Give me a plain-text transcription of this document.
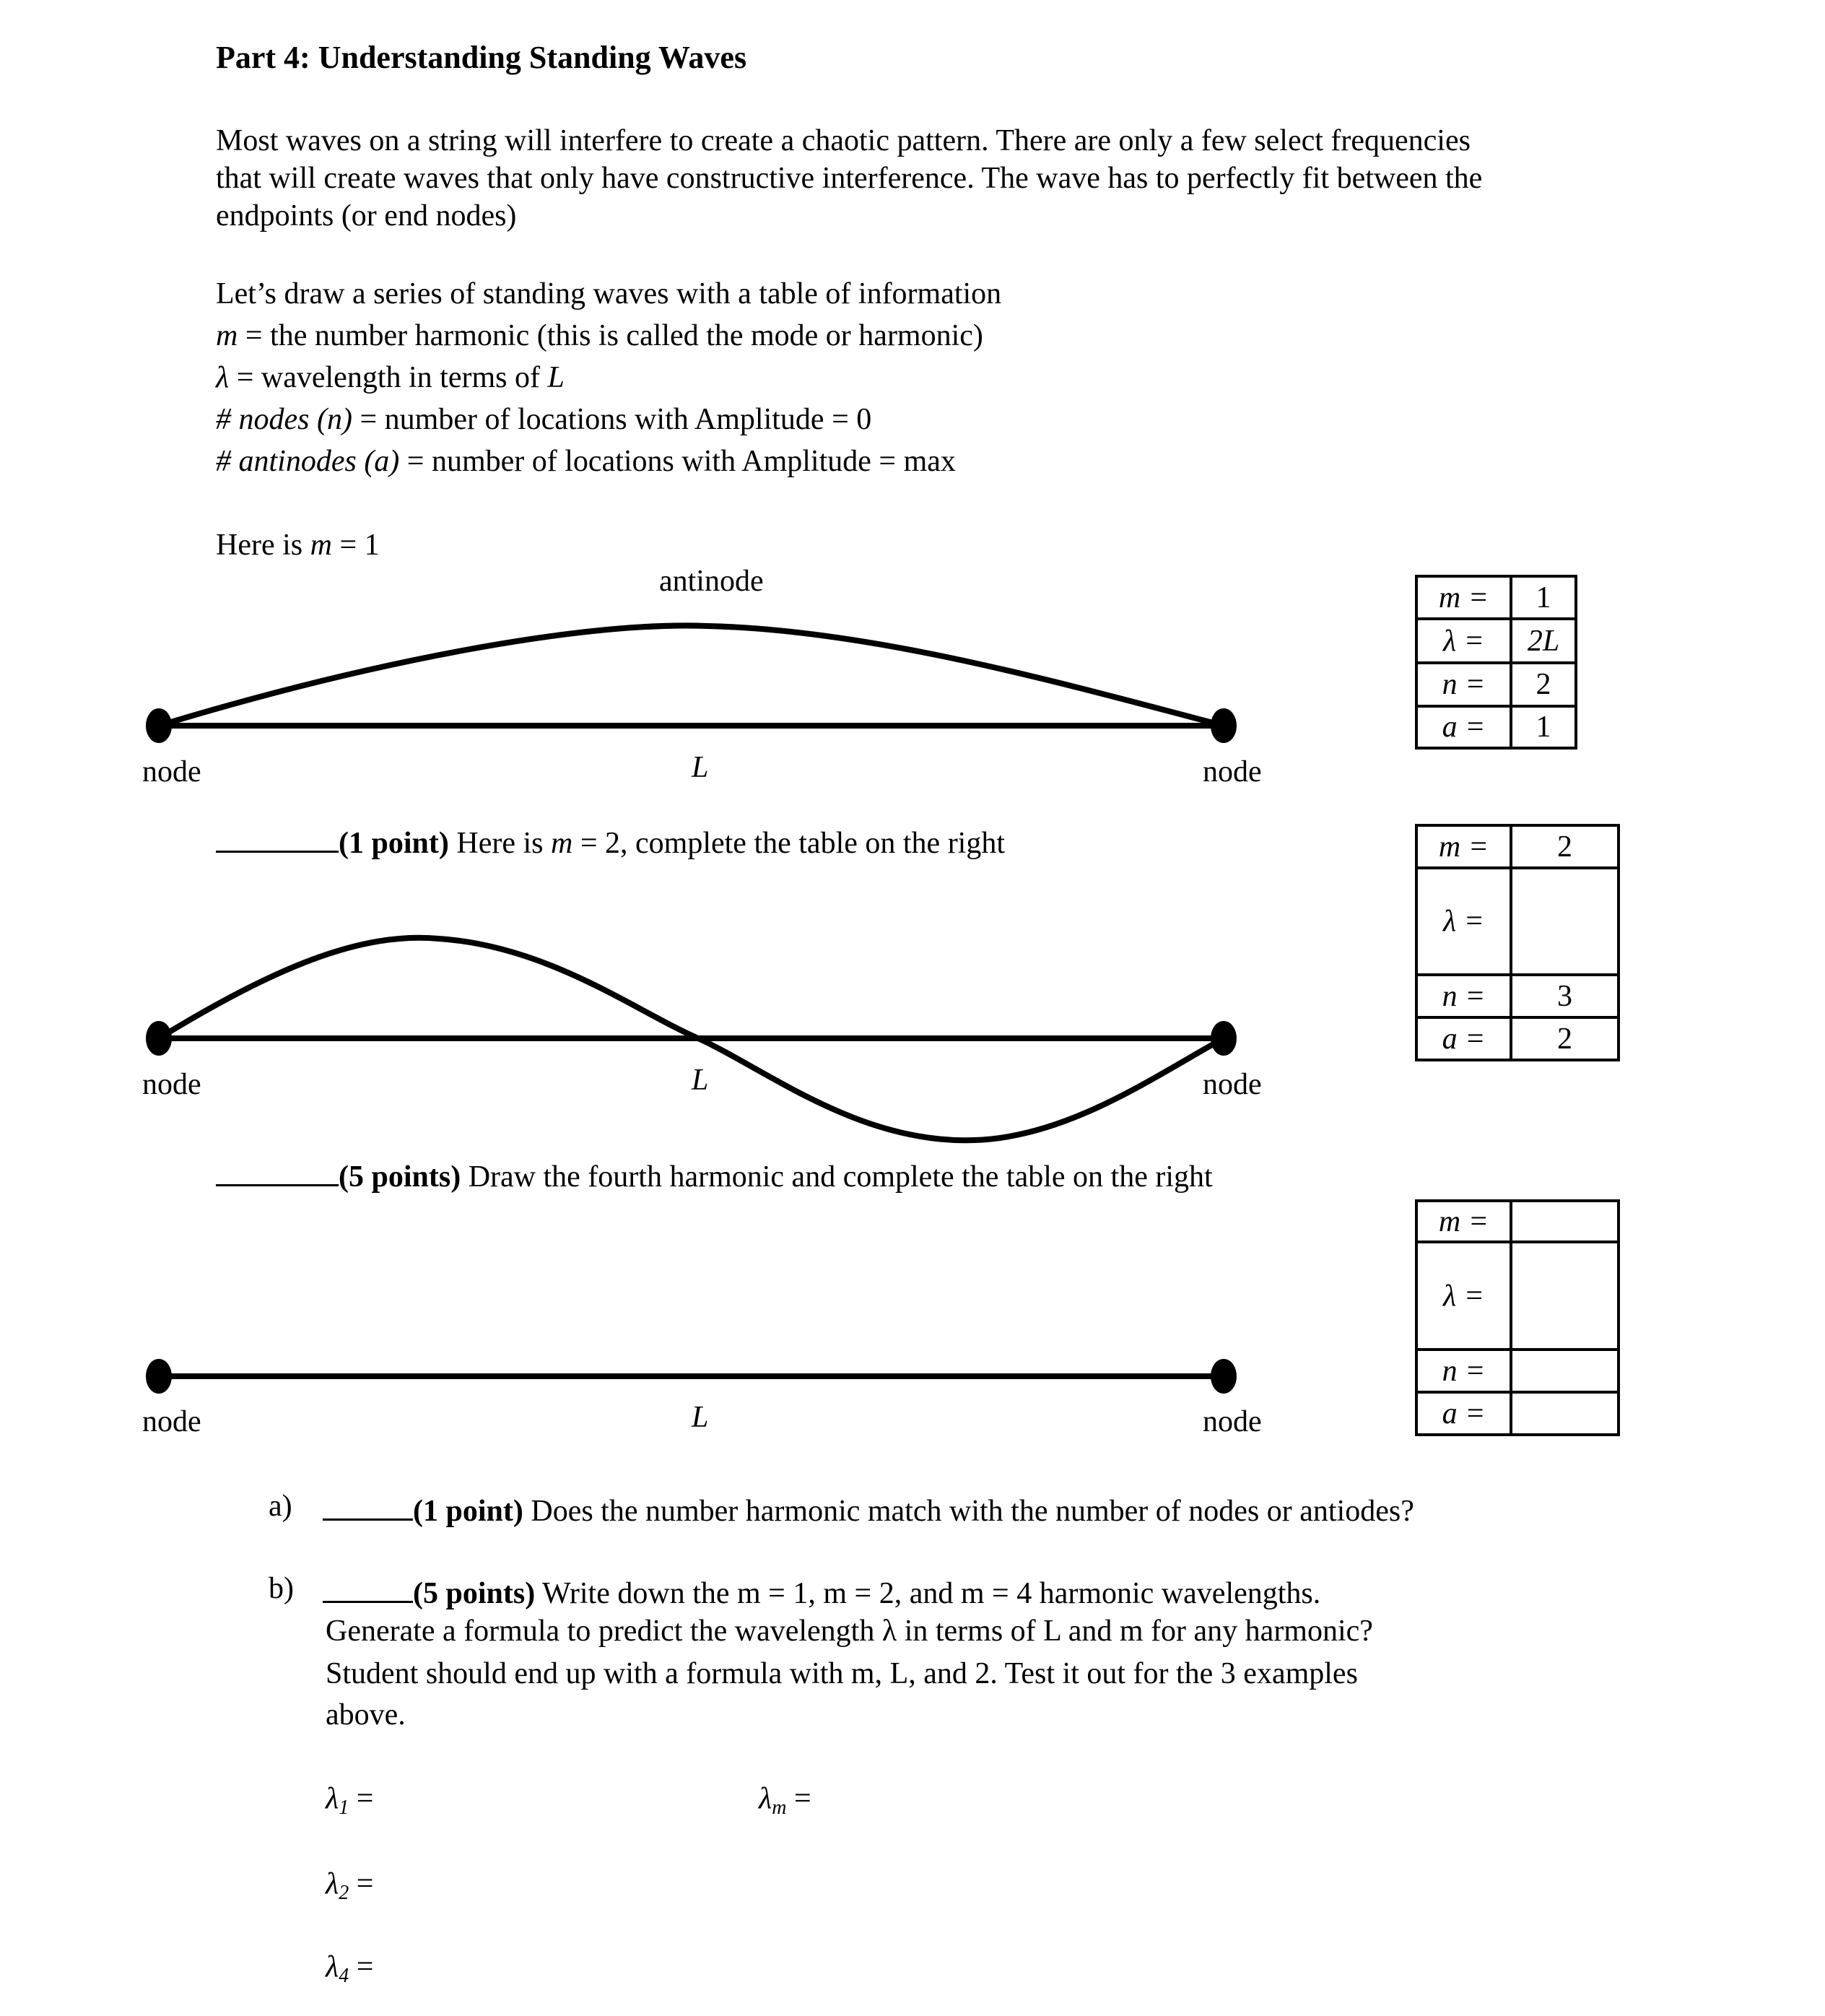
Part 4: Understanding Standing Waves
Most waves on a string will interfere to create a chaotic pattern. There are only a few select frequencies
that will create waves that only have constructive interference. The wave has to perfectly fit between the
endpoints (or end nodes)
Let’s draw a series of standing waves with a table of information
m = the number harmonic (this is called the mode or harmonic)
λ = wavelength in terms of L
# nodes (n) = number of locations with Amplitude = 0
# antinodes (a) = number of locations with Amplitude = max
Here is m = 1
antinode
node	L	node
(1 point) Here is m = 2, complete the table on the right
node	L	node
(5 points) Draw the fourth harmonic and complete the table on the right
node	L	node
m =	1
λ =	2L
n =	2
a =	1
m =	2
λ =	
n =	3
a =	2
m =	
λ =	
n =	
a =	
a)	(1 point) Does the number harmonic match with the number of nodes or antiodes?
b)	(5 points) Write down the m = 1, m = 2, and m = 4 harmonic wavelengths.
Generate a formula to predict the wavelength λ in terms of L and m for any harmonic?
Student should end up with a formula with m, L, and 2. Test it out for the 3 examples
above.
$\lambda_1$ =	$\lambda_m$ =
$\lambda_2$ =
$\lambda_4$ =
